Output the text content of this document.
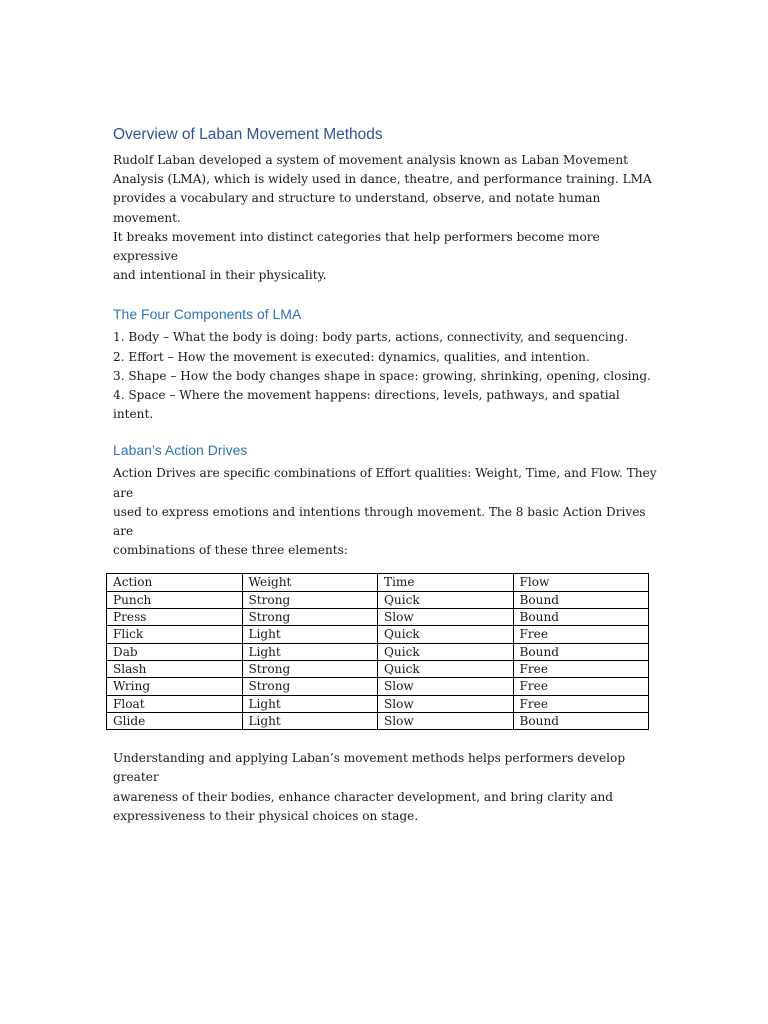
Overview of Laban Movement Methods

Rudolf Laban developed a system of movement analysis known as Laban Movement
Analysis (LMA), which is widely used in dance, theatre, and performance training. LMA
provides a vocabulary and structure to understand, observe, and notate human movement.
It breaks movement into distinct categories that help performers become more expressive
and intentional in their physicality.

The Four Components of LMA
1. Body – What the body is doing: body parts, actions, connectivity, and sequencing.
2. Effort – How the movement is executed: dynamics, qualities, and intention.
3. Shape – How the body changes shape in space: growing, shrinking, opening, closing.
4. Space – Where the movement happens: directions, levels, pathways, and spatial intent.
Laban’s Action Drives

Action Drives are specific combinations of Effort qualities: Weight, Time, and Flow. They are
used to express emotions and intentions through movement. The 8 basic Action Drives are
combinations of these three elements:

Action	Weight	Time	Flow
Punch	Strong	Quick	Bound
Press	Strong	Slow	Bound
Flick	Light	Quick	Free
Dab	Light	Quick	Bound
Slash	Strong	Quick	Free
Wring	Strong	Slow	Free
Float	Light	Slow	Free
Glide	Light	Slow	Bound

Understanding and applying Laban’s movement methods helps performers develop greater
awareness of their bodies, enhance character development, and bring clarity and
expressiveness to their physical choices on stage.
